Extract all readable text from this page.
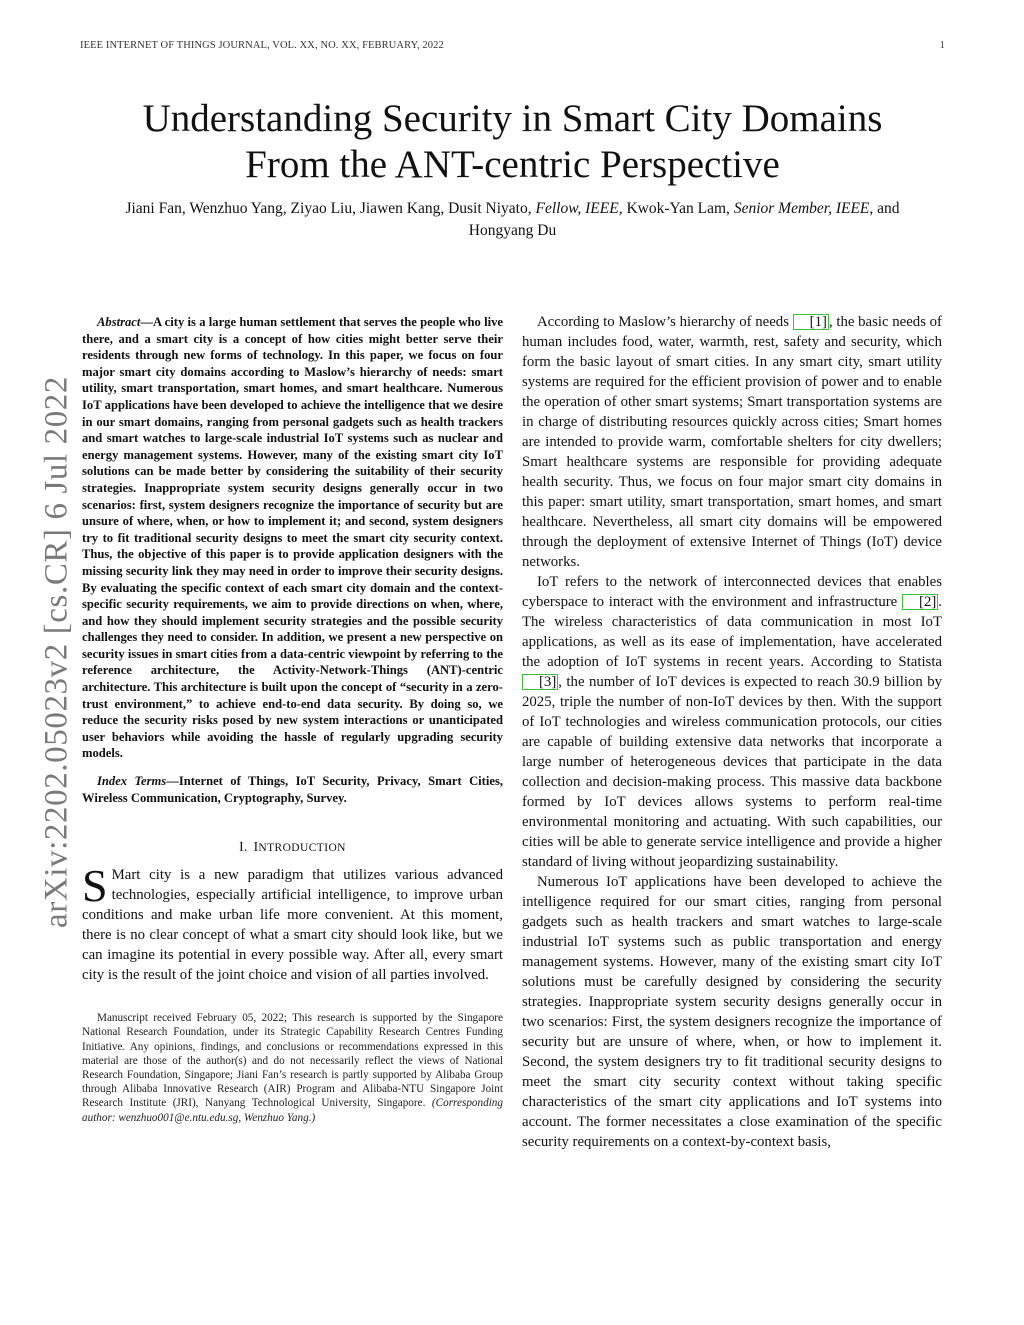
IEEE INTERNET OF THINGS JOURNAL, VOL. XX, NO. XX, FEBRUARY, 2022	1
arXiv:2202.05023v2 [cs.CR] 6 Jul 2022
Understanding Security in Smart City Domains
From the ANT-centric Perspective
Jiani Fan, Wenzhuo Yang, Ziyao Liu, Jiawen Kang, Dusit Niyato, Fellow, IEEE, Kwok-Yan Lam, Senior Member, IEEE, and Hongyang Du

Abstract—A city is a large human settlement that serves the people who live there, and a smart city is a concept of how cities might better serve their residents through new forms of technology. In this paper, we focus on four major smart city domains according to Maslow’s hierarchy of needs: smart utility, smart transportation, smart homes, and smart healthcare. Numerous IoT applications have been developed to achieve the intelligence that we desire in our smart domains, ranging from personal gadgets such as health trackers and smart watches to large-scale industrial IoT systems such as nuclear and energy management systems. However, many of the existing smart city IoT solutions can be made better by considering the suitability of their security strategies. Inappropriate system security designs generally occur in two scenarios: first, system designers recognize the importance of security but are unsure of where, when, or how to implement it; and second, system designers try to fit traditional security designs to meet the smart city security context. Thus, the objective of this paper is to provide application designers with the missing security link they may need in order to improve their security designs. By evaluating the specific context of each smart city domain and the context-specific security requirements, we aim to provide directions on when, where, and how they should implement security strategies and the possible security challenges they need to consider. In addition, we present a new perspective on security issues in smart cities from a data-centric viewpoint by referring to the reference architecture, the Activity-Network-Things (ANT)-centric architecture. This architecture is built upon the concept of “security in a zero-trust environment,” to achieve end-to-end data security. By doing so, we reduce the security risks posed by new system interactions or unanticipated user behaviors while avoiding the hassle of regularly upgrading security models.

Index Terms—Internet of Things, IoT Security, Privacy, Smart Cities, Wireless Communication, Cryptography, Survey.

I. INTRODUCTION

S Mart city is a new paradigm that utilizes various advanced technologies, especially artificial intelligence, to improve urban conditions and make urban life more convenient. At this moment, there is no clear concept of what a smart city should look like, but we can imagine its potential in every possible way. After all, every smart city is the result of the joint choice and vision of all parties involved.

Manuscript received February 05, 2022; This research is supported by the Singapore National Research Foundation, under its Strategic Capability Research Centres Funding Initiative. Any opinions, findings, and conclusions or recommendations expressed in this material are those of the author(s) and do not necessarily reflect the views of National Research Foundation, Singapore; Jiani Fan’s research is partly supported by Alibaba Group through Alibaba Innovative Research (AIR) Program and Alibaba-NTU Singapore Joint Research Institute (JRI), Nanyang Technological University, Singapore. (Corresponding author: wenzhuo001@e.ntu.edu.sg, Wenzhuo Yang.)

According to Maslow’s hierarchy of needs [1] , the basic needs of human includes food, water, warmth, rest, safety and security, which form the basic layout of smart cities. In any smart city, smart utility systems are required for the efficient provision of power and to enable the operation of other smart systems; Smart transportation systems are in charge of distributing resources quickly across cities; Smart homes are intended to provide warm, comfortable shelters for city dwellers; Smart healthcare systems are responsible for providing adequate health security. Thus, we focus on four major smart city domains in this paper: smart utility, smart transportation, smart homes, and smart healthcare. Nevertheless, all smart city domains will be empowered through the deployment of extensive Internet of Things (IoT) device networks.

IoT refers to the network of interconnected devices that enables cyberspace to interact with the environment and infrastructure [2] . The wireless characteristics of data communication in most IoT applications, as well as its ease of implementation, have accelerated the adoption of IoT systems in recent years. According to Statista [3] , the number of IoT devices is expected to reach 30.9 billion by 2025, triple the number of non-IoT devices by then. With the support of IoT technologies and wireless communication protocols, our cities are capable of building extensive data networks that incorporate a large number of heterogeneous devices that participate in the data collection and decision-making process. This massive data backbone formed by IoT devices allows systems to perform real-time environmental monitoring and actuating. With such capabilities, our cities will be able to generate service intelligence and provide a higher standard of living without jeopardizing sustainability.

Numerous IoT applications have been developed to achieve the intelligence required for our smart cities, ranging from personal gadgets such as health trackers and smart watches to large-scale industrial IoT systems such as public transportation and energy management systems. However, many of the existing smart city IoT solutions must be carefully designed by considering the security strategies. Inappropriate system security designs generally occur in two scenarios: First, the system designers recognize the importance of security but are unsure of where, when, or how to implement it. Second, the system designers try to fit traditional security designs to meet the smart city security context without taking specific characteristics of the smart city applications and IoT systems into account. The former necessitates a close examination of the specific security requirements on a context-by-context basis,
